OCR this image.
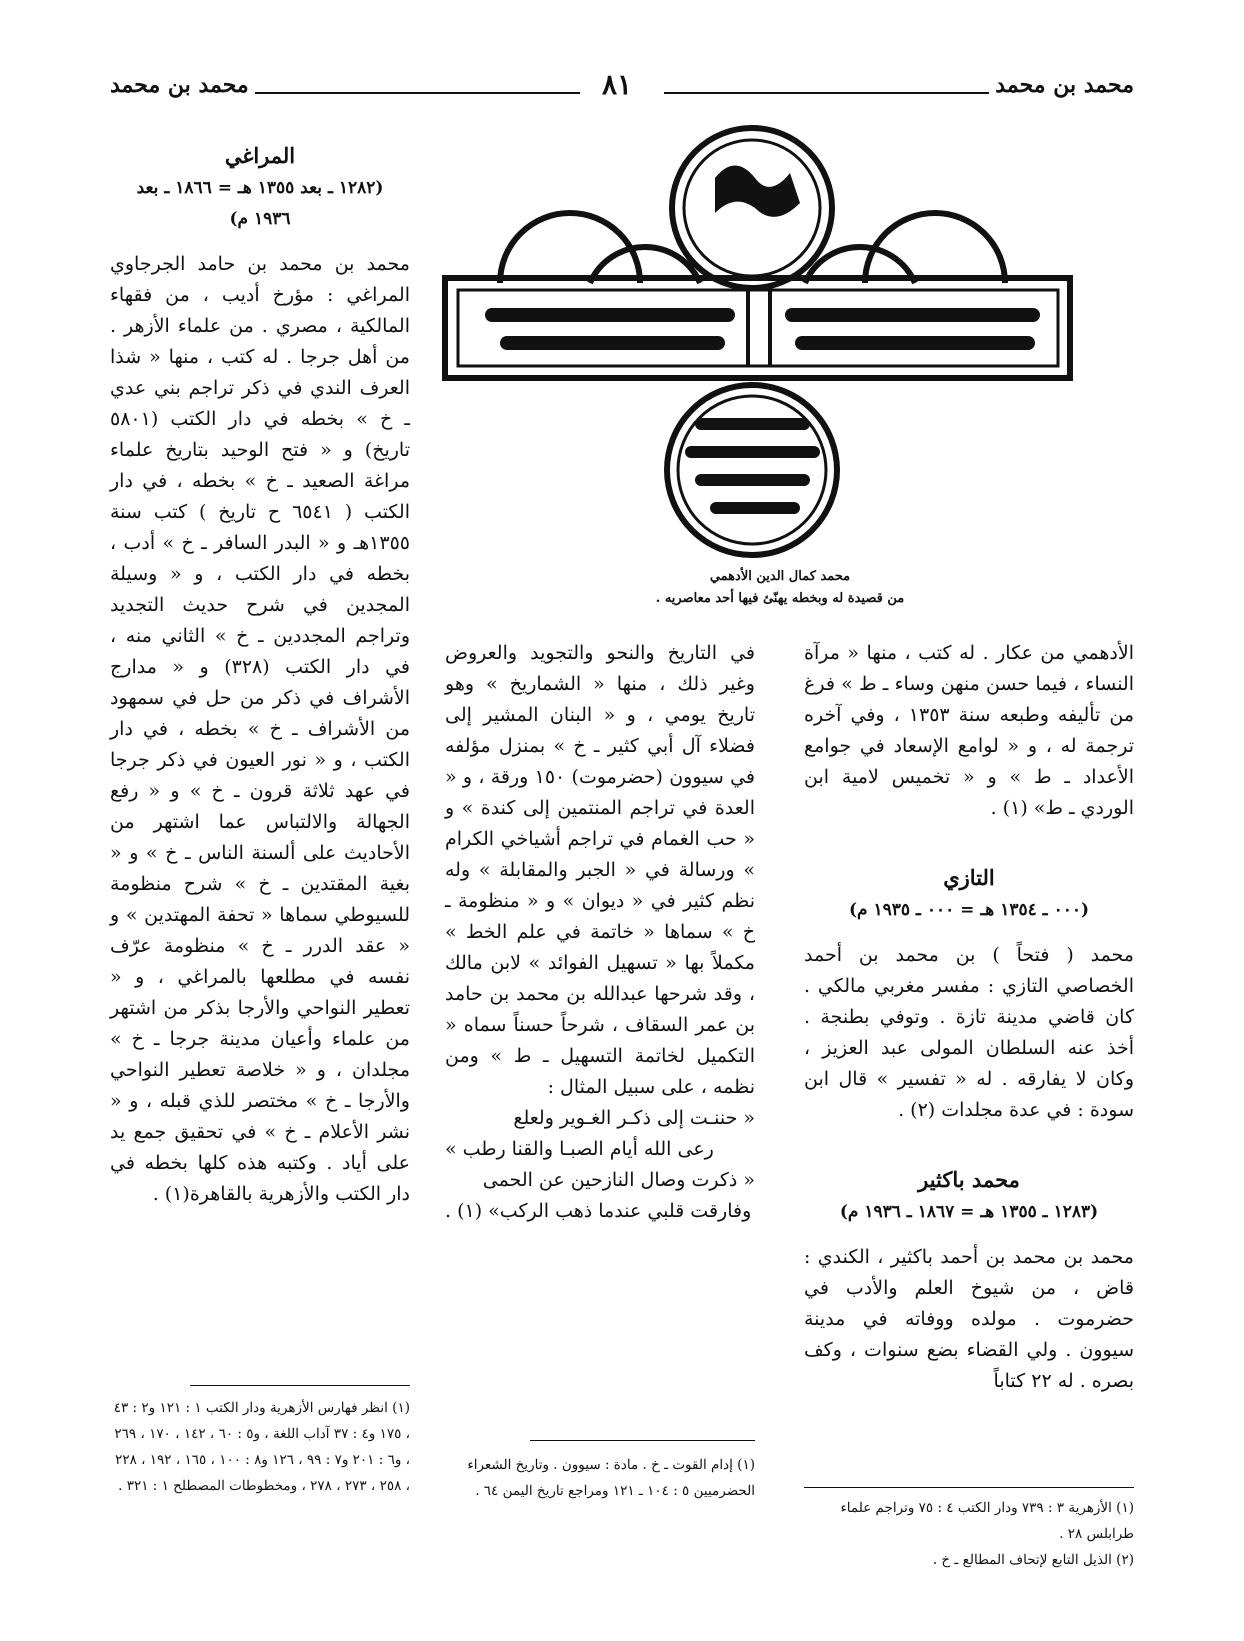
محمد بن محمد
٨١
محمد بن محمد
محمد كمال الدين الأدهمي
من قصيدة له وبخطه يهنّئ فيها أحد معاصريه .
المراغي
(١٢٨٢ ـ بعد ١٣٥٥ هـ = ١٨٦٦ ـ بعد
١٩٣٦ م)

محمد بن محمد بن حامد الجرجاوي المراغي : مؤرخ أديب ، من فقهاء المالكية ، مصري . من علماء الأزهر . من أهل جرجا . له كتب ، منها « شذا العرف الندي في ذكر تراجم بني عدي ـ خ » بخطه في دار الكتب (٥٨٠١ تاريخ) و « فتح الوحيد بتاريخ علماء مراغة الصعيد ـ خ » بخطه ، في دار الكتب ( ٦٥٤١ ح تاريخ ) كتب سنة ١٣٥٥هـ و « البدر السافر ـ خ » أدب ، بخطه في دار الكتب ، و « وسيلة المجدين في شرح حديث التجديد وتراجم المجددين ـ خ » الثاني منه ، في دار الكتب (٣٢٨) و « مدارج الأشراف في ذكر من حل في سمهود من الأشراف ـ خ » بخطه ، في دار الكتب ، و « نور العيون في ذكر جرجا في عهد ثلاثة قرون ـ خ » و « رفع الجهالة والالتباس عما اشتهر من الأحاديث على ألسنة الناس ـ خ » و « بغية المقتدين ـ خ » شرح منظومة للسيوطي سماها « تحفة المهتدين » و « عقد الدرر ـ خ » منظومة عرّف نفسه في مطلعها بالمراغي ، و « تعطير النواحي والأرجا بذكر من اشتهر من علماء وأعيان مدينة جرجا ـ خ » مجلدان ، و « خلاصة تعطير النواحي والأرجا ـ خ » مختصر للذي قبله ، و « نشر الأعلام ـ خ » في تحقيق جمع يد على أياد . وكتبه هذه كلها بخطه في دار الكتب والأزهرية بالقاهرة(١) .

(١) انظر فهارس الأزهرية ودار الكتب ١ : ١٢١ و٢ : ٤٣ ، ١٧٥ و٤ : ٣٧ آداب اللغة ، و٥ : ٦٠ ، ١٤٢ ، ١٧٠ ، ٢٦٩ ، و٦ : ٢٠١ و٧ : ٩٩ ، ١٢٦ و٨ : ١٠٠ ، ١٦٥ ، ١٩٢ ، ٢٢٨ ، ٢٥٨ ، ٢٧٣ ، ٢٧٨ ، ومخطوطات المصطلح ١ : ٣٢١ .

في التاريخ والنحو والتجويد والعروض وغير ذلك ، منها « الشماريخ » وهو تاريخ يومي ، و « البنان المشير إلى فضلاء آل أبي كثير ـ خ » بمنزل مؤلفه في سيوون (حضرموت) ١٥٠ ورقة ، و « العدة في تراجم المنتمين إلى كندة » و « حب الغمام في تراجم أشياخي الكرام » ورسالة في « الجبر والمقابلة » وله نظم كثير في « ديوان » و « منظومة ـ خ » سماها « خاتمة في علم الخط » مكملاً بها « تسهيل الفوائد » لابن مالك ، وقد شرحها عبدالله بن محمد بن حامد بن عمر السقاف ، شرحاً حسناً سماه « التكميل لخاتمة التسهيل ـ ط » ومن نظمه ، على سبيل المثال :

« حننـت إلى ذكـر الغـوير ولعلع

رعى الله أيام الصبـا والقنا رطب »

« ذكرت وصال النازحين عن الحمى

وفارقت قلبي عندما ذهب الركب» (١) .

(١) إدام القوت ـ خ . مادة : سيوون . وتاريخ الشعراء الحضرميين ٥ : ١٠٤ ـ ١٢١ ومراجع تاريخ اليمن ٦٤ .

الأدهمي من عكار . له كتب ، منها « مرآة النساء ، فيما حسن منهن وساء ـ ط » فرغ من تأليفه وطبعه سنة ١٣٥٣ ، وفي آخره ترجمة له ، و « لوامع الإسعاد في جوامع الأعداد ـ ط » و « تخميس لامية ابن الوردي ـ ط» (١) .

التازي
(٠٠٠ ـ ١٣٥٤ هـ = ٠٠٠ ـ ١٩٣٥ م)

محمد ( فتحاً ) بن محمد بن أحمد الخصاصي التازي : مفسر مغربي مالكي . كان قاضي مدينة تازة . وتوفي بطنجة . أخذ عنه السلطان المولى عبد العزيز ، وكان لا يفارقه . له « تفسير » قال ابن سودة : في عدة مجلدات (٢) .

محمد باكثير
(١٢٨٣ ـ ١٣٥٥ هـ = ١٨٦٧ ـ ١٩٣٦ م)

محمد بن محمد بن أحمد باكثير ، الكندي : قاض ، من شيوخ العلم والأدب في حضرموت . مولده ووفاته في مدينة سيوون . ولي القضاء بضع سنوات ، وكف بصره . له ٢٢ كتاباً

(١) الأزهرية ٣ : ٧٣٩ ودار الكتب ٤ : ٧٥ وتراجم علماء طرابلس ٢٨ .

(٢) الذيل التابع لإتحاف المطالع ـ خ .
